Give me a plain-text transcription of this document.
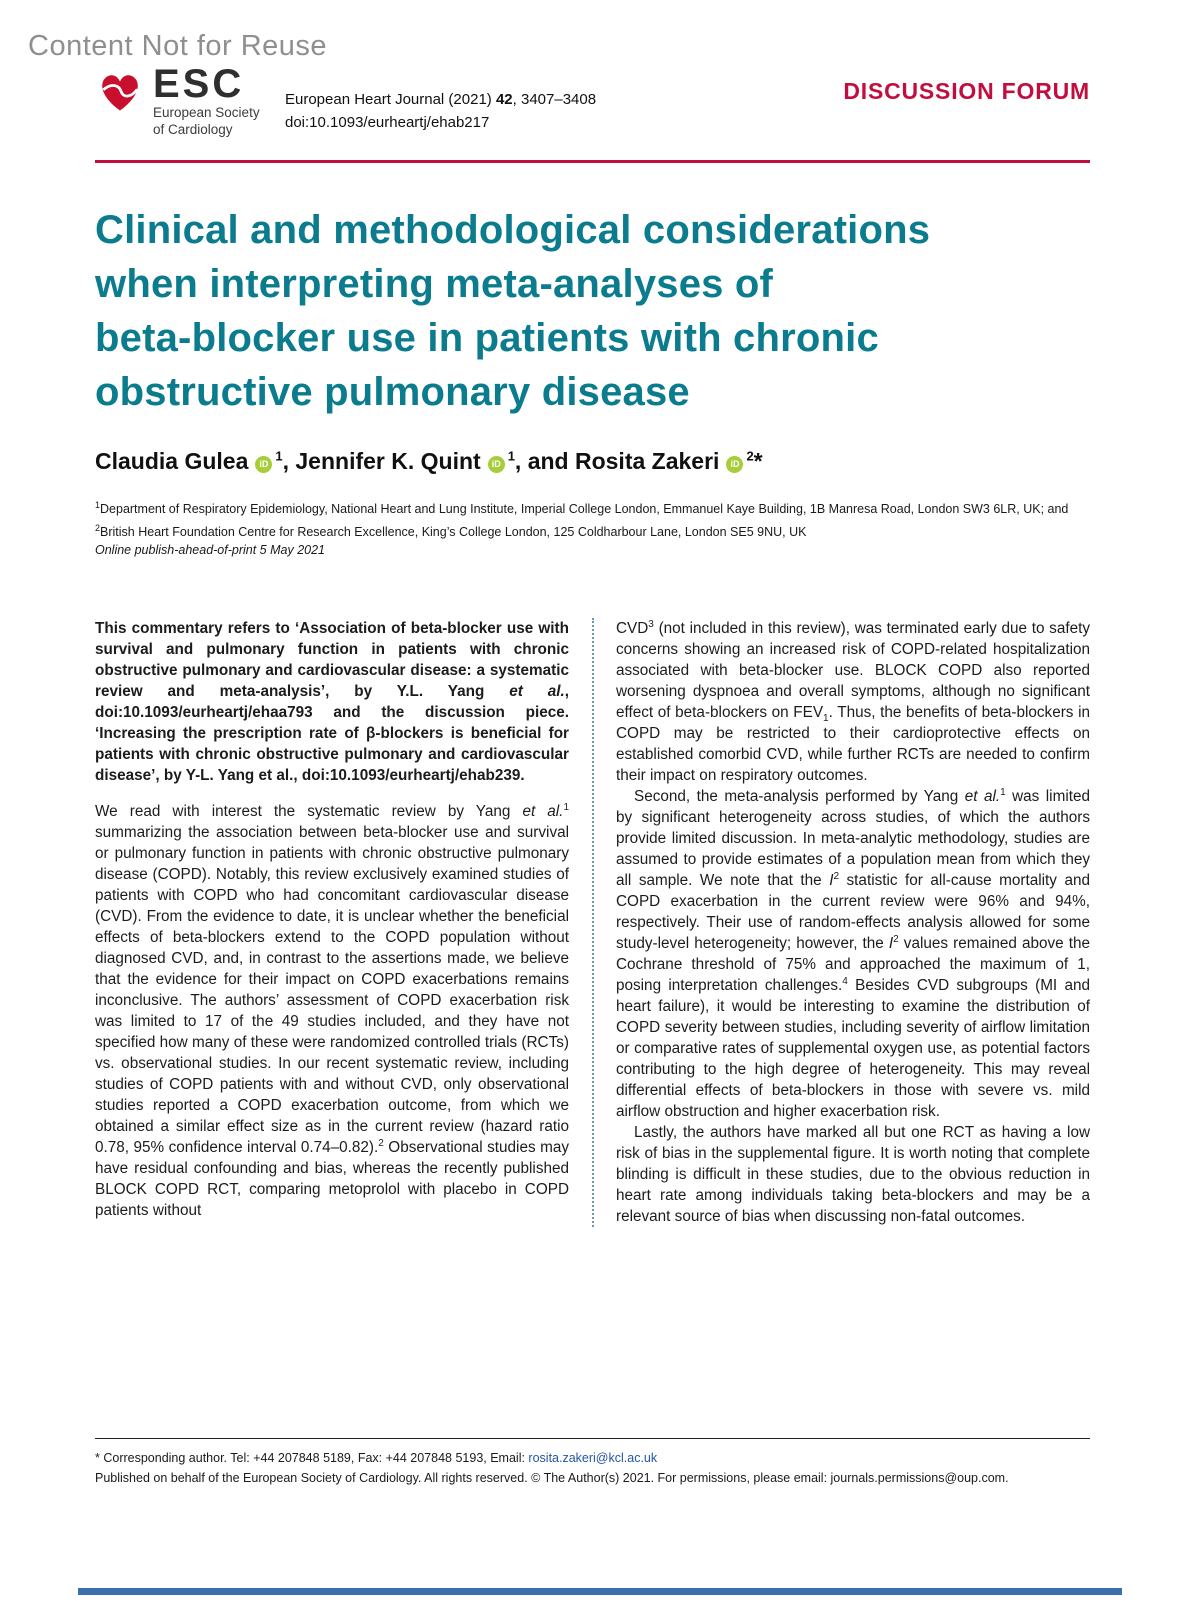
Content Not for Reuse
ESC
European Society
of Cardiology
European Heart Journal (2021) 42, 3407–3408
doi:10.1093/eurheartj/ehab217
DISCUSSION FORUM
Clinical and methodological considerations
when interpreting meta-analyses of
beta-blocker use in patients with chronic
obstructive pulmonary disease
Claudia Gulea $iD^1$, Jennifer K. Quint $iD^1$, and Rosita Zakeri $iD^2*$
$^1$Department of Respiratory Epidemiology, National Heart and Lung Institute, Imperial College London, Emmanuel Kaye Building, 1B Manresa Road, London SW3 6LR, UK; and
$^2$British Heart Foundation Centre for Research Excellence, King’s College London, 125 Coldharbour Lane, London SE5 9NU, UK
Online publish-ahead-of-print 5 May 2021

This commentary refers to ‘Association of beta-blocker use with survival and pulmonary function in patients with chronic obstructive pulmonary and cardiovascular disease: a systematic review and meta-analysis’, by Y.L. Yang et al., doi:10.1093/eurheartj/ehaa793 and the discussion piece. ‘Increasing the prescription rate of β-blockers is beneficial for patients with chronic obstructive pulmonary and cardiovascular disease’, by Y-L. Yang et al., doi:10.1093/eurheartj/ehab239.

We read with interest the systematic review by Yang et al.$^1$ summarizing the association between beta-blocker use and survival or pulmonary function in patients with chronic obstructive pulmonary disease (COPD). Notably, this review exclusively examined studies of patients with COPD who had concomitant cardiovascular disease (CVD). From the evidence to date, it is unclear whether the beneficial effects of beta-blockers extend to the COPD population without diagnosed CVD, and, in contrast to the assertions made, we believe that the evidence for their impact on COPD exacerbations remains inconclusive. The authors’ assessment of COPD exacerbation risk was limited to 17 of the 49 studies included, and they have not specified how many of these were randomized controlled trials (RCTs) vs. observational studies. In our recent systematic review, including studies of COPD patients with and without CVD, only observational studies reported a COPD exacerbation outcome, from which we obtained a similar effect size as in the current review (hazard ratio 0.78, 95% confidence interval 0.74–0.82).$^2$ Observational studies may have residual confounding and bias, whereas the recently published BLOCK COPD RCT, comparing metoprolol with placebo in COPD patients without

CVD$^3$ (not included in this review), was terminated early due to safety concerns showing an increased risk of COPD-related hospitalization associated with beta-blocker use. BLOCK COPD also reported worsening dyspnoea and overall symptoms, although no significant effect of beta-blockers on $FEV_1$. Thus, the benefits of beta-blockers in COPD may be restricted to their cardioprotective effects on established comorbid CVD, while further RCTs are needed to confirm their impact on respiratory outcomes.

Second, the meta-analysis performed by Yang et al.$^1$ was limited by significant heterogeneity across studies, of which the authors provide limited discussion. In meta-analytic methodology, studies are assumed to provide estimates of a population mean from which they all sample. We note that the $I^2$ statistic for all-cause mortality and COPD exacerbation in the current review were 96% and 94%, respectively. Their use of random-effects analysis allowed for some study-level heterogeneity; however, the $I^2$ values remained above the Cochrane threshold of 75% and approached the maximum of 1, posing interpretation challenges.$^4$ Besides CVD subgroups (MI and heart failure), it would be interesting to examine the distribution of COPD severity between studies, including severity of airflow limitation or comparative rates of supplemental oxygen use, as potential factors contributing to the high degree of heterogeneity. This may reveal differential effects of beta-blockers in those with severe vs. mild airflow obstruction and higher exacerbation risk.

Lastly, the authors have marked all but one RCT as having a low risk of bias in the supplemental figure. It is worth noting that complete blinding is difficult in these studies, due to the obvious reduction in heart rate among individuals taking beta-blockers and may be a relevant source of bias when discussing non-fatal outcomes.

* Corresponding author. Tel: +44 207848 5189, Fax: +44 207848 5193, Email: rosita.zakeri@kcl.ac.uk
Published on behalf of the European Society of Cardiology. All rights reserved. © The Author(s) 2021. For permissions, please email: journals.permissions@oup.com.
